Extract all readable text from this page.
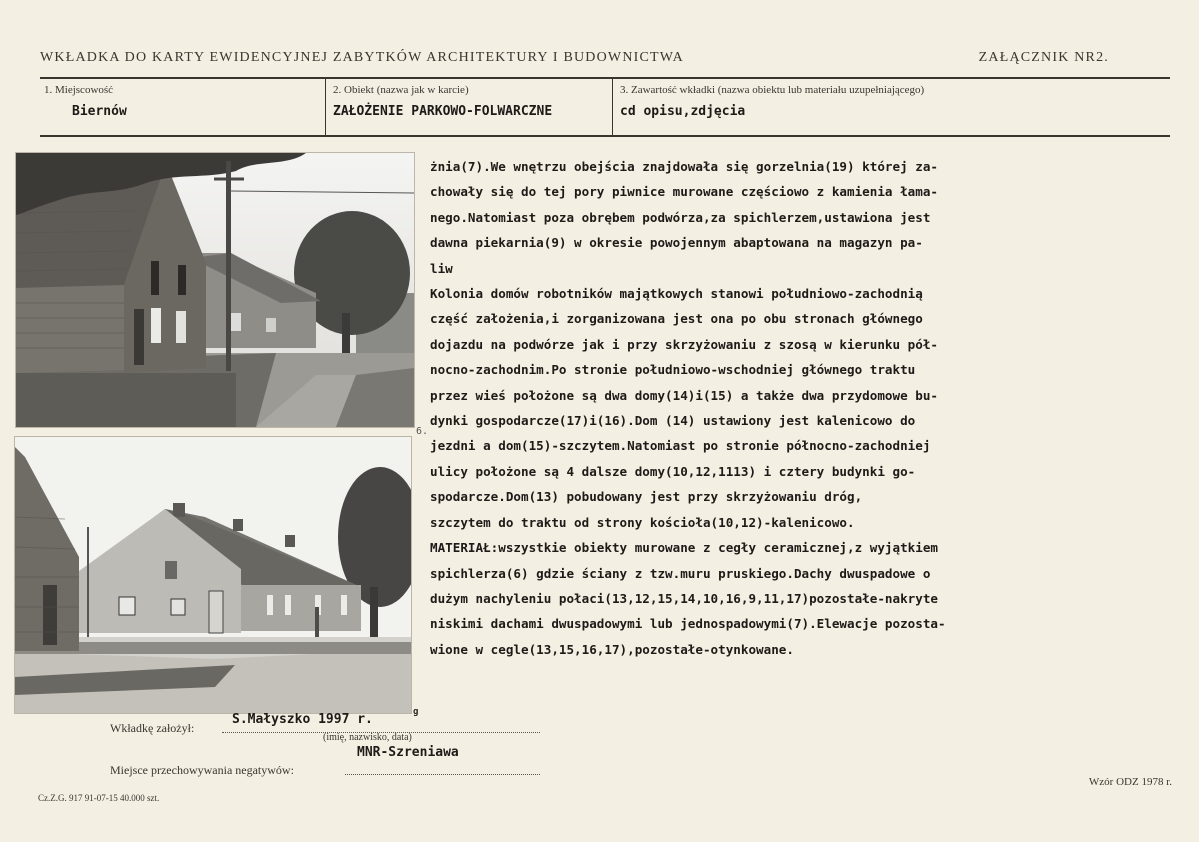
WKŁADKA DO KARTY EWIDENCYJNEJ ZABYTKÓW ARCHITEKTURY I BUDOWNICTWA	ZAŁĄCZNIK NR2.
1. Miejscowość
Biernów
2. Obiekt (nazwa jak w karcie)
ZAŁOŻENIE PARKOWO-FOLWARCZNE
3. Zawartość wkładki (nazwa obiektu lub materiału uzupełniającego)
cd opisu,zdjęcia
żnia(7).We wnętrzu obejścia znajdowała się gorzelnia(19) której za-
chowały się do tej pory piwnice murowane częściowo z kamienia łama-
nego.Natomiast poza obrębem podwórza,za spichlerzem,ustawiona jest
dawna piekarnia(9) w okresie powojennym abaptowana na magazyn pa-
liw
Kolonia domów robotników majątkowych stanowi południowo-zachodnią
część założenia,i zorganizowana jest ona po obu stronach głównego
dojazdu na podwórze jak i przy skrzyżowaniu z szosą w kierunku pół-
nocno-zachodnim.Po stronie południowo-wschodniej głównego traktu
przez wieś położone są dwa domy(14)i(15) a także dwa przydomowe bu-
dynki gospodarcze(17)i(16).Dom (14) ustawiony jest kalenicowo do
jezdni a dom(15)-szczytem.Natomiast po stronie północno-zachodniej
ulicy położone są 4 dalsze domy(10,12,1113) i cztery budynki go-
spodarcze.Dom(13) pobudowany jest przy skrzyżowaniu dróg,
szczytem do traktu od strony kościoła(10,12)-kalenicowo.
MATERIAŁ:wszystkie obiekty murowane z cegły ceramicznej,z wyjątkiem
spichlerza(6) gdzie ściany z tzw.muru pruskiego.Dachy dwuspadowe o
dużym nachyleniu połaci(13,12,15,14,10,16,9,11,17)pozostałe-nakryte
niskimi dachami dwuspadowymi lub jednospadowymi(7).Elewacje pozosta-
wione w cegle(13,15,16,17),pozostałe-otynkowane.
6.
Wkładkę założył:
S.Małyszko 1997 r.	g
(imię, nazwisko, data)
Miejsce przechowywania negatywów:
MNR-Szreniawa
Cz.Z.G. 917 91-07-15 40.000 szt.
Wzór ODZ 1978 r.
